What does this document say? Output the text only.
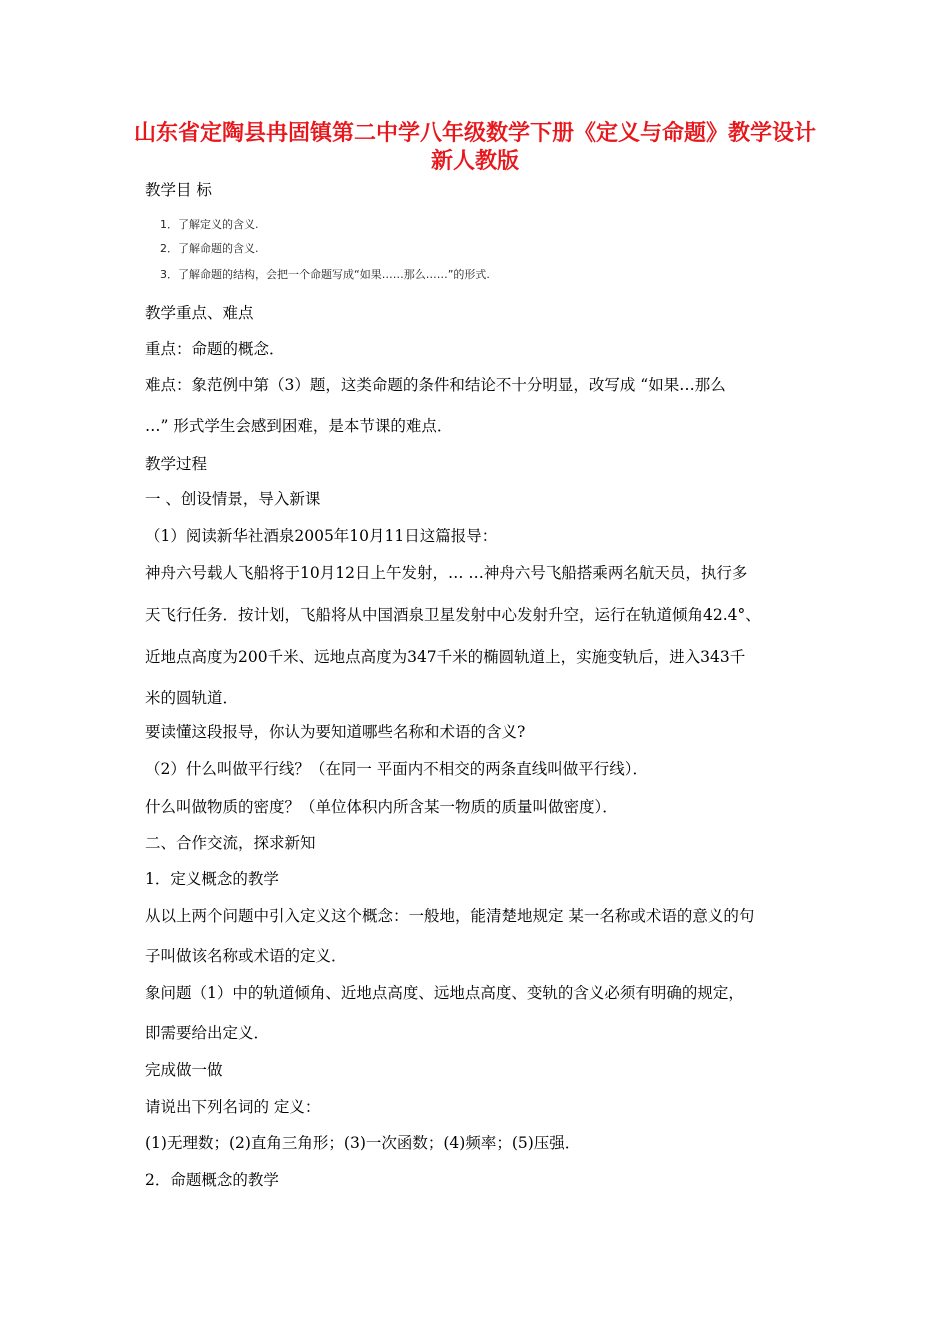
山东省定陶县冉固镇第二中学八年级数学下册《定义与命题》教学设计 新人教版
教学目 标
1．了解定义的含义.
2．了解命题的含义.
3．了解命题的结构，会把一个命题写成“如果……那么……”的形式.
教学重点、难点
重点：命题的概念．
难点：象范例中第（3）题，这类命题的条件和结论不十分明显，改写成 “如果…那么
…” 形式学生会感到困难，是本节课的难点．
教学过程
一 、创设情景，导入新课
（1）阅读新华社酒泉2005年10月11日这篇报导：
神舟六号载人飞船将于10月12日上午发射，… …神舟六号飞船搭乘两名航天员，执行多
天飞行任务．按计划，飞船将从中国酒泉卫星发射中心发射升空，运行在轨道倾角42.4°、
近地点高度为200千米、远地点高度为347千米的椭圆轨道上，实施变轨后，进入343千
米的圆轨道．
要读懂这段报导，你认为要知道哪些名称和术语的含义?
（2）什么叫做平行线？（在同一 平面内不相交的两条直线叫做平行线）．
什么叫做物质的密度？（单位体积内所含某一物质的质量叫做密度）．
二、合作交流，探求新知
1．定义概念的教学
从以上两个问题中引入定义这个概念：一般地，能清楚地规定 某一名称或术语的意义的句
子叫做该名称或术语的定义．
象问题（1）中的轨道倾角、近地点高度、远地点高度、变轨的含义必须有明确的规定，
即需要给出定义．
完成做一做
请说出下列名词的 定义：
(1)无理数；(2)直角三角形；(3)一次函数；(4)频率；(5)压强．
2．命题概念的教学
